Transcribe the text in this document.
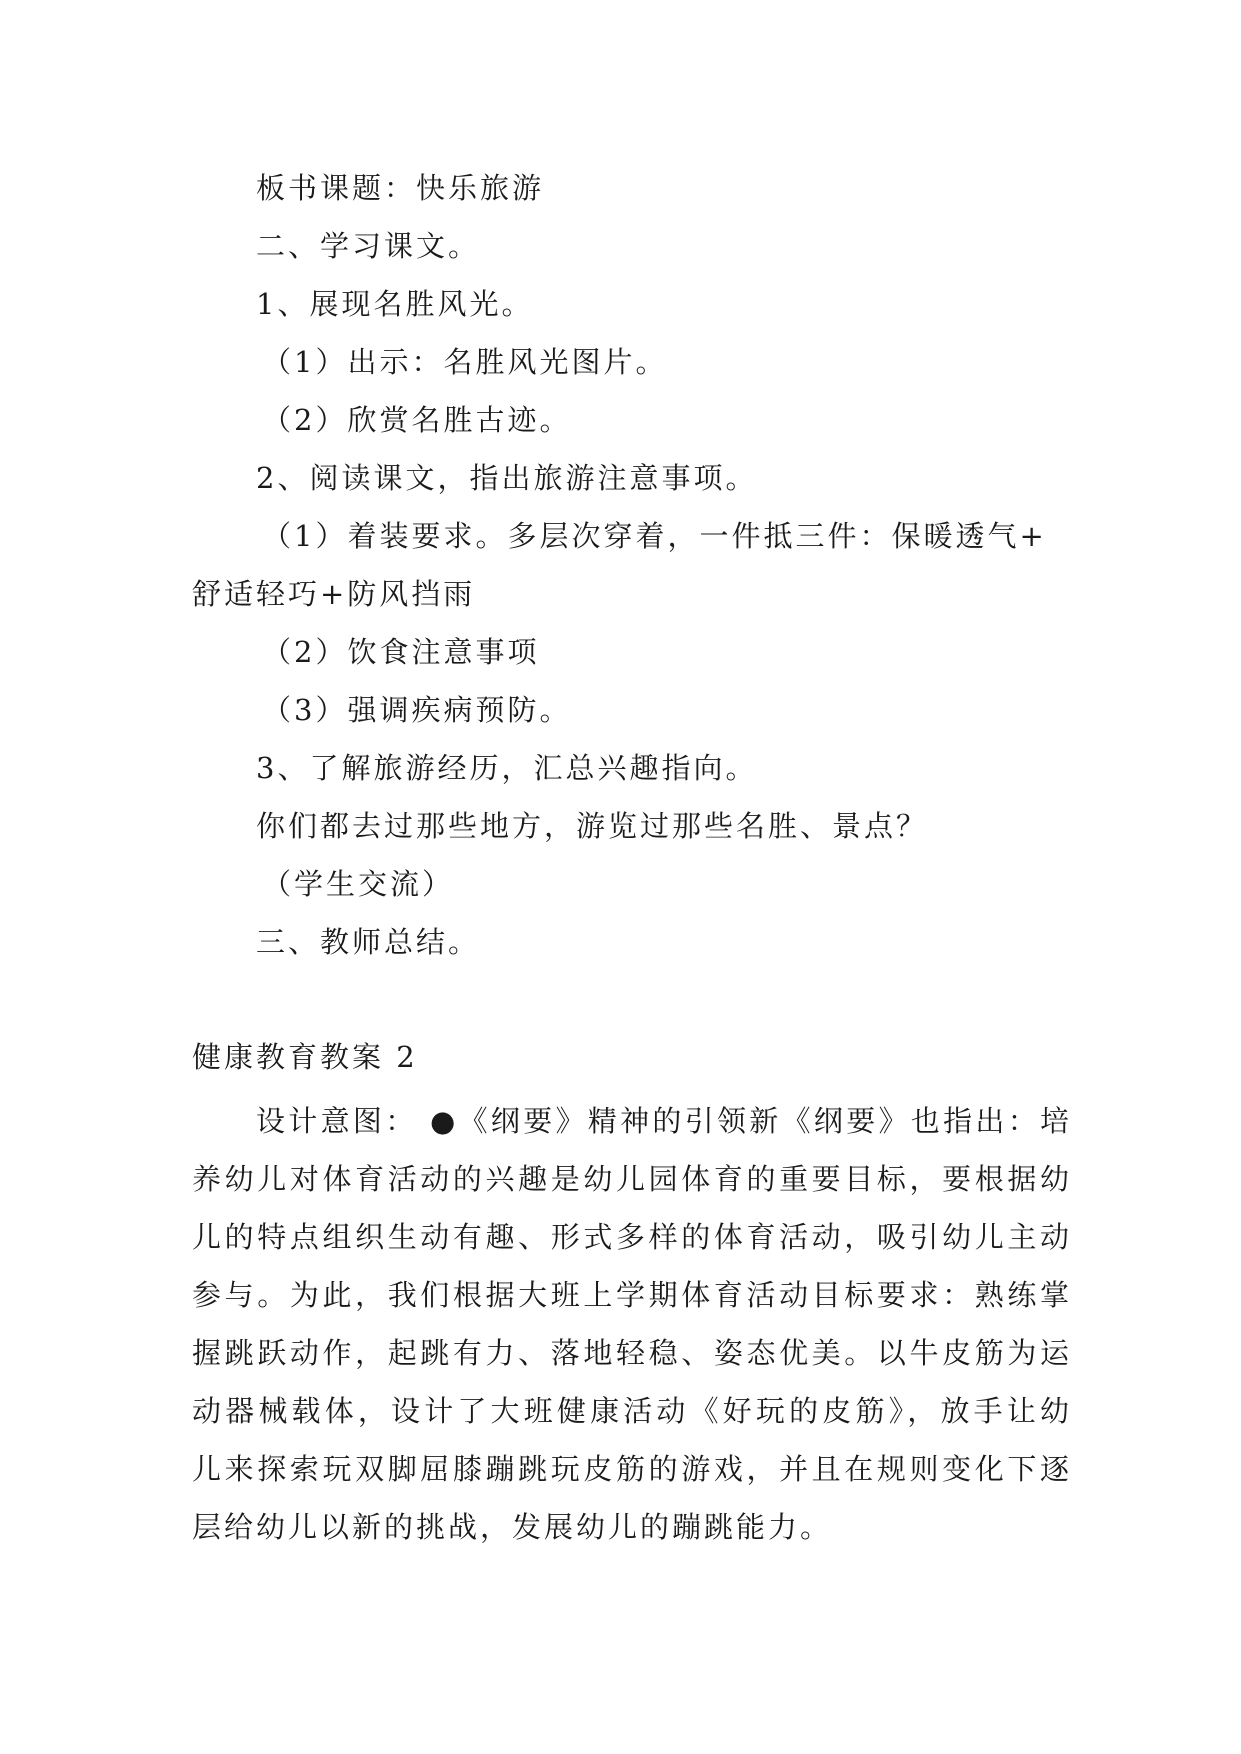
板书课题：快乐旅游
二、学习课文。
1、展现名胜风光。
（1）出示：名胜风光图片。
（2）欣赏名胜古迹。
2、阅读课文，指出旅游注意事项。
（1）着装要求。多层次穿着，一件抵三件：保暖透气+
舒适轻巧+防风挡雨
（2）饮食注意事项
（3）强调疾病预防。
3、了解旅游经历，汇总兴趣指向。
你们都去过那些地方，游览过那些名胜、景点？
（学生交流）
三、教师总结。
健康教育教案 2
设计意图： ●《纲要》精神的引领新《纲要》也指出：培养幼儿对体育活动的兴趣是幼儿园体育的重要目标，要根据幼儿的特点组织生动有趣、形式多样的体育活动，吸引幼儿主动参与。为此，我们根据大班上学期体育活动目标要求：熟练掌握跳跃动作，起跳有力、落地轻稳、姿态优美。以牛皮筋为运动器械载体，设计了大班健康活动《好玩的皮筋》，放手让幼儿来探索玩双脚屈膝蹦跳玩皮筋的游戏，并且在规则变化下逐层给幼儿以新的挑战，发展幼儿的蹦跳能力。
